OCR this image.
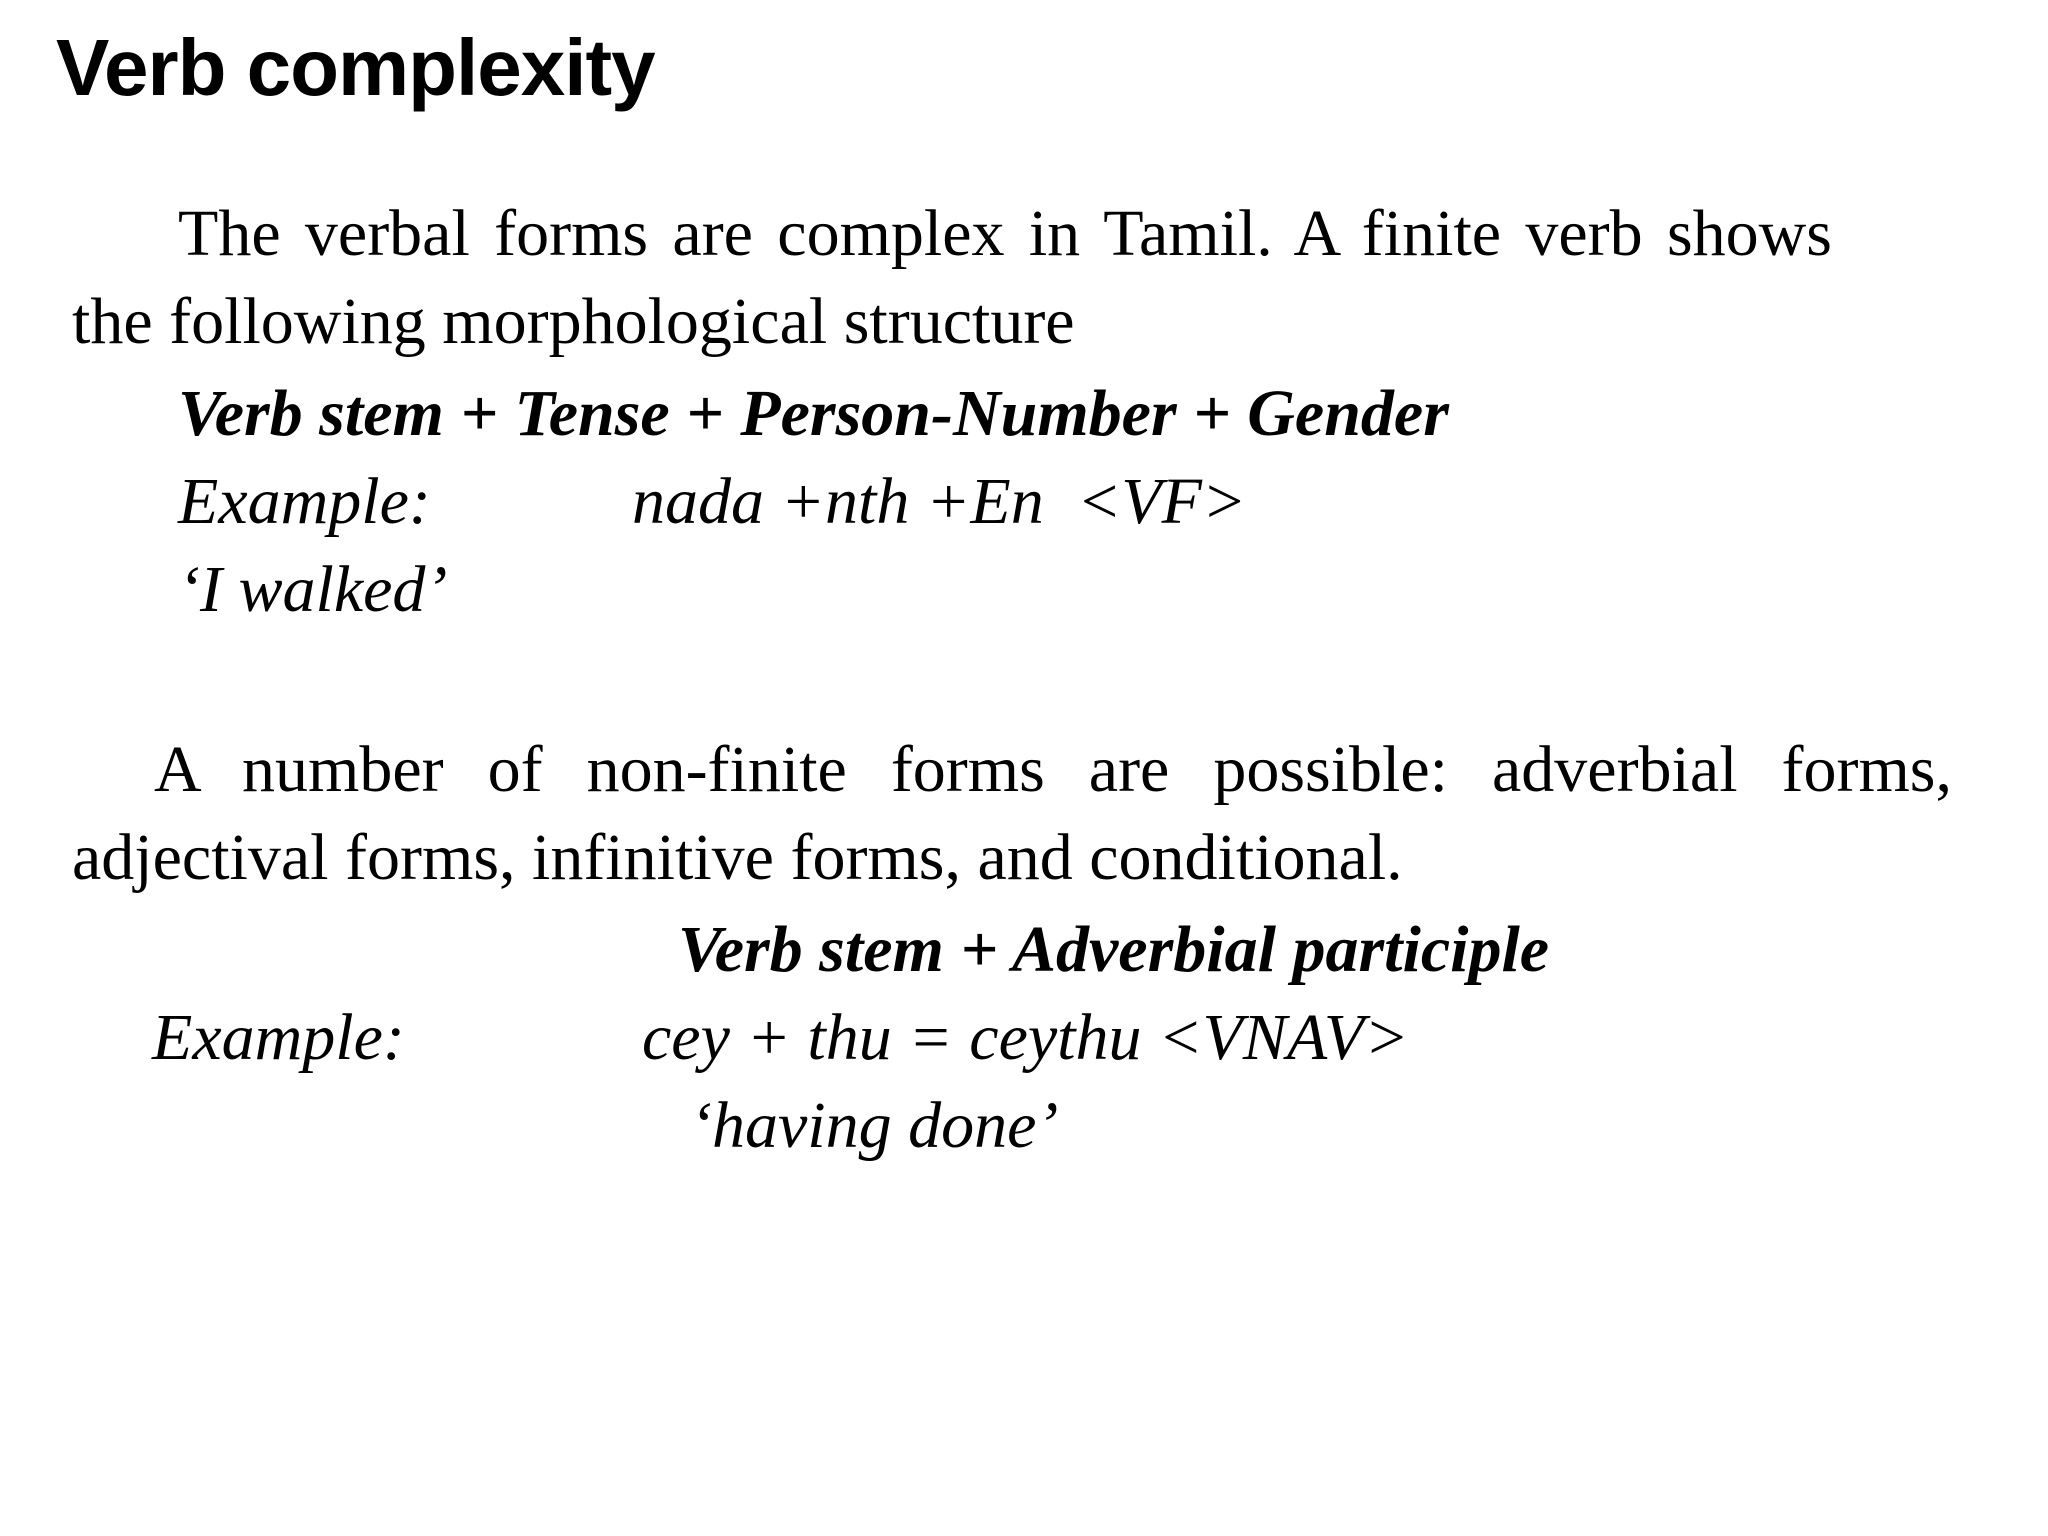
Verb complexity
The verbal forms are complex in Tamil. A finite verb shows the following morphological structure
Verb stem + Tense + Person-Number + Gender
Example:	nada +nth +En  <VF>
‘I walked’
A number of non-finite forms are possible: adverbial forms, adjectival forms, infinitive forms, and conditional.
Verb stem + Adverbial participle
Example:	cey + thu = ceythu <VNAV>
‘having done’
